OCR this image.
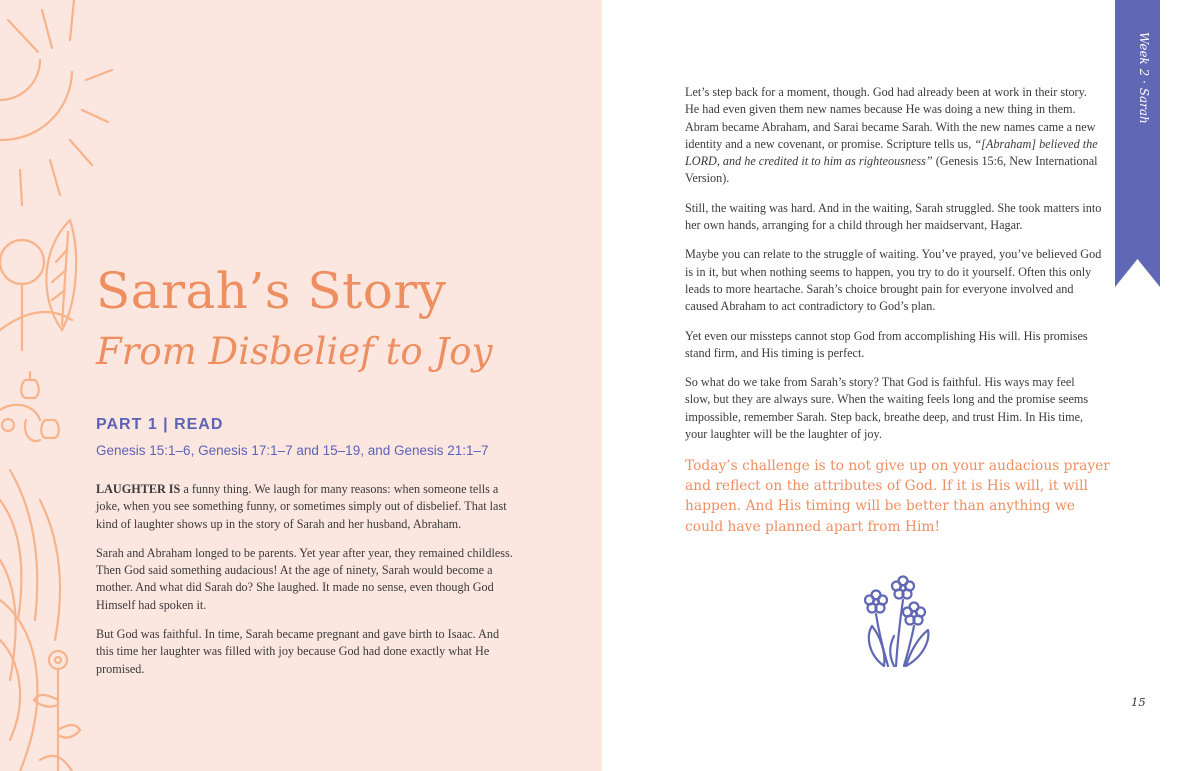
Sarah’s Story
From Disbelief to Joy
PART 1 | READ

Genesis 15:1–6, Genesis 17:1–7 and 15–19, and Genesis 21:1–7

LAUGHTER IS a funny thing. We laugh for many reasons: when someone tells a joke, when you see something funny, or sometimes simply out of disbelief. That last kind of laughter shows up in the story of Sarah and her husband, Abraham.

Sarah and Abraham longed to be parents. Yet year after year, they remained childless. Then God said something audacious! At the age of ninety, Sarah would become a mother. And what did Sarah do? She laughed. It made no sense, even though God Himself had spoken it.

But God was faithful. In time, Sarah became pregnant and gave birth to Isaac. And this time her laughter was filled with joy because God had done exactly what He promised.

Week 2 · Sarah

Let’s step back for a moment, though. God had already been at work in their story. He had even given them new names because He was doing a new thing in them. Abram became Abraham, and Sarai became Sarah. With the new names came a new identity and a new covenant, or promise. Scripture tells us, “[Abraham] believed the LORD, and he credited it to him as righteousness” (Genesis 15:6, New International Version).

Still, the waiting was hard. And in the waiting, Sarah struggled. She took matters into her own hands, arranging for a child through her maidservant, Hagar.

Maybe you can relate to the struggle of waiting. You’ve prayed, you’ve believed God is in it, but when nothing seems to happen, you try to do it yourself. Often this only leads to more heartache. Sarah’s choice brought pain for everyone involved and caused Abraham to act contradictory to God’s plan.

Yet even our missteps cannot stop God from accomplishing His will. His promises stand firm, and His timing is perfect.

So what do we take from Sarah’s story? That God is faithful. His ways may feel slow, but they are always sure. When the waiting feels long and the promise seems impossible, remember Sarah. Step back, breathe deep, and trust Him. In His time, your laughter will be the laughter of joy.

Today’s challenge is to not give up on your audacious prayer and reflect on the attributes of God. If it is His will, it will happen. And His timing will be better than anything we could have planned apart from Him!

15
